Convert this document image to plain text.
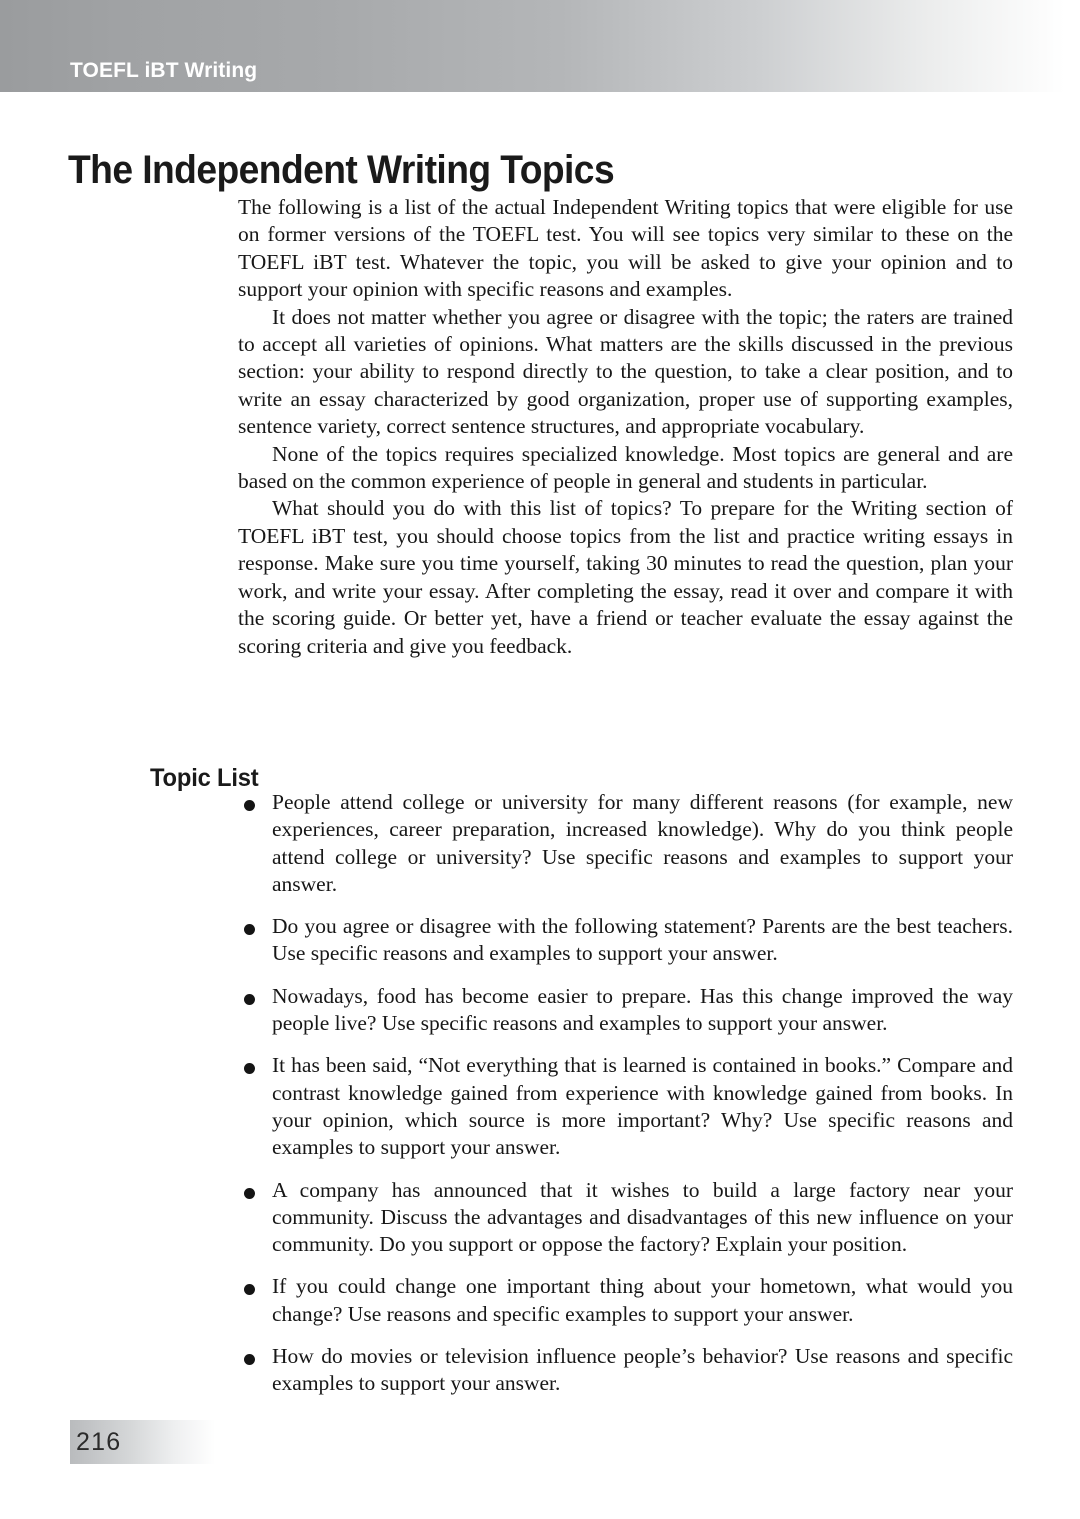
TOEFL iBT Writing
The Independent Writing Topics

The following is a list of the actual Independent Writing topics that were eligible for use on former versions of the TOEFL test. You will see topics very similar to these on the TOEFL iBT test. Whatever the topic, you will be asked to give your opinion and to support your opinion with specific reasons and examples.

It does not matter whether you agree or disagree with the topic; the raters are trained to accept all varieties of opinions. What matters are the skills discussed in the previous section: your ability to respond directly to the question, to take a clear position, and to write an essay characterized by good organization, proper use of supporting examples, sentence variety, correct sentence structures, and appropriate vocabulary.

None of the topics requires specialized knowledge. Most topics are general and are based on the common experience of people in general and students in particular.

What should you do with this list of topics? To prepare for the Writing section of TOEFL iBT test, you should choose topics from the list and practice writing essays in response. Make sure you time yourself, taking 30 minutes to read the question, plan your work, and write your essay. After completing the essay, read it over and compare it with the scoring guide. Or better yet, have a friend or teacher evaluate the essay against the scoring criteria and give you feedback.

Topic List
People attend college or university for many different reasons (for example, new experiences, career preparation, increased knowledge). Why do you think people attend college or university? Use specific reasons and examples to support your answer.
Do you agree or disagree with the following statement? Parents are the best teachers. Use specific reasons and examples to support your answer.
Nowadays, food has become easier to prepare. Has this change improved the way people live? Use specific reasons and examples to support your answer.
It has been said, “Not everything that is learned is contained in books.” Compare and contrast knowledge gained from experience with knowledge gained from books. In your opinion, which source is more important? Why? Use specific reasons and examples to support your answer.
A company has announced that it wishes to build a large factory near your community. Discuss the advantages and disadvantages of this new influence on your community. Do you support or oppose the factory? Explain your position.
If you could change one important thing about your hometown, what would you change? Use reasons and specific examples to support your answer.
How do movies or television influence people’s behavior? Use reasons and specific examples to support your answer.
216
